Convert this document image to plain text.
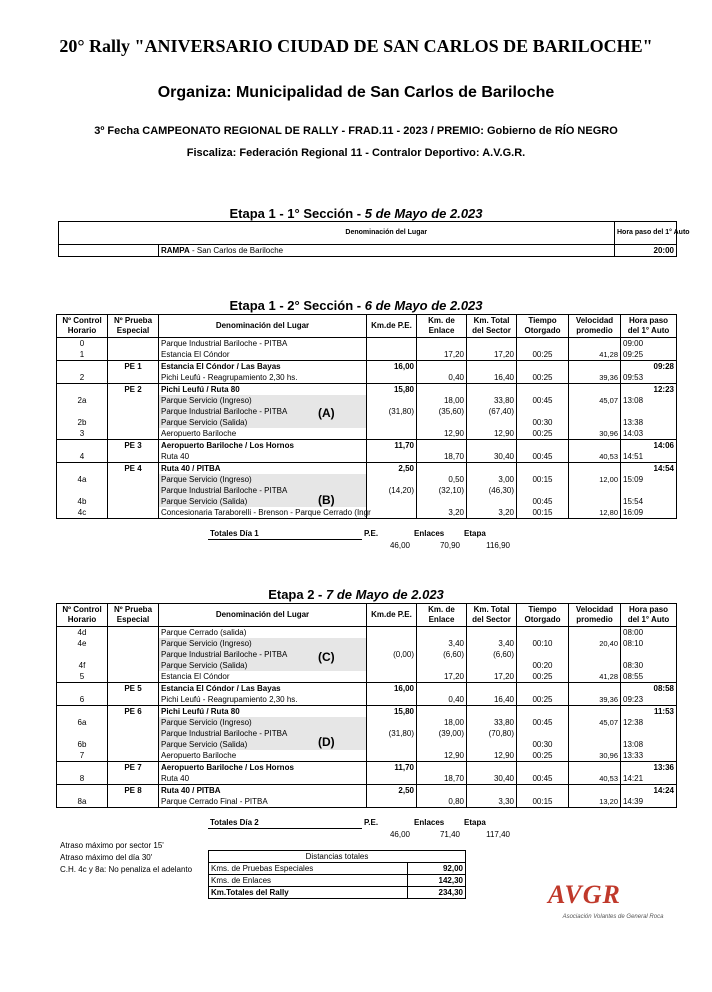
20° Rally "ANIVERSARIO CIUDAD DE SAN CARLOS DE BARILOCHE"
Organiza: Municipalidad de San Carlos de Bariloche
3º Fecha CAMPEONATO REGIONAL DE RALLY - FRAD.11 - 2023 / PREMIO: Gobierno de RÍO NEGRO
Fiscaliza: Federación Regional 11 - Contralor Deportivo: A.V.G.R.
Etapa 1 - 1° Sección - 5 de Mayo de 2.023
	Denominación del Lugar	Hora paso del 1° Auto
	RAMPA - San Carlos de Bariloche	20:00
Etapa 1 - 2° Sección - 6 de Mayo de 2.023
Nº Control Horario	Nº Prueba Especial	Denominación del Lugar	Km.de P.E.	Km. de Enlace	Km. Total del Sector	Tiempo Otorgado	Velocidad promedio	Hora paso del 1° Auto
0		Parque Industrial Bariloche - PITBA						09:00
1		Estancia El Cóndor		17,20	17,20	00:25	41,28	09:25
	PE 1	Estancia El Cóndor / Las Bayas	16,00					09:28
2		Pichi Leufú - Reagrupamiento 2,30 hs.		0,40	16,40	00:25	39,36	09:53
	PE 2	Pichi Leufú / Ruta 80	15,80					12:23
2a		Parque Servicio (Ingreso)		18,00	33,80	00:45	45,07	13:08
		Parque Industrial Bariloche - PITBA	(31,80)	(35,60)	(67,40)			
2b		Parque Servicio (Salida)				00:30		13:38
3		Aeropuerto Bariloche		12,90	12,90	00:25	30,96	14:03
	PE 3	Aeropuerto Bariloche / Los Hornos	11,70					14:06
4		Ruta 40		18,70	30,40	00:45	40,53	14:51
	PE 4	Ruta 40 / PITBA	2,50					14:54
4a		Parque Servicio (Ingreso)		0,50	3,00	00:15	12,00	15:09
		Parque Industrial Bariloche - PITBA	(14,20)	(32,10)	(46,30)			
4b		Parque Servicio (Salida)				00:45		15:54
4c		Concesionaria Taraborelli - Brenson - Parque Cerrado (Ingr		3,20	3,20	00:15	12,80	16:09
Totales Día 1	P.E.	Enlaces	Etapa
	46,00	70,90	116,90
(A)
(B)
Etapa 2 - 7 de Mayo de 2.023
Nº Control Horario	Nº Prueba Especial	Denominación del Lugar	Km.de P.E.	Km. de Enlace	Km. Total del Sector	Tiempo Otorgado	Velocidad promedio	Hora paso del 1° Auto
4d		Parque Cerrado (salida)						08:00
4e		Parque Servicio (Ingreso)		3,40	3,40	00:10	20,40	08:10
		Parque Industrial Bariloche - PITBA	(0,00)	(6,60)	(6,60)			
4f		Parque Servicio (Salida)				00:20		08:30
5		Estancia El Cóndor		17,20	17,20	00:25	41,28	08:55
	PE 5	Estancia El Cóndor / Las Bayas	16,00					08:58
6		Pichi Leufú - Reagrupamiento 2,30 hs.		0,40	16,40	00:25	39,36	09:23
	PE 6	Pichi Leufú / Ruta 80	15,80					11:53
6a		Parque Servicio (Ingreso)		18,00	33,80	00:45	45,07	12:38
		Parque Industrial Bariloche - PITBA	(31,80)	(39,00)	(70,80)			
6b		Parque Servicio (Salida)				00:30		13:08
7		Aeropuerto Bariloche		12,90	12,90	00:25	30,96	13:33
	PE 7	Aeropuerto Bariloche / Los Hornos	11,70					13:36
8		Ruta 40		18,70	30,40	00:45	40,53	14:21
	PE 8	Ruta 40 / PITBA	2,50					14:24
8a		Parque Cerrado Final - PITBA		0,80	3,30	00:15	13,20	14:39
Totales Día 2	P.E.	Enlaces	Etapa
	46,00	71,40	117,40
(C)
(D)
Atraso máximo por sector 15'
Atraso máximo del día 30'
C.H. 4c y 8a: No penaliza el adelanto
Distancias totales	
Kms. de Pruebas Especiales	92,00
Kms. de Enlaces	142,30
Km.Totales del Rally	234,30	AVGR
Asociación Volantes de General Roca
